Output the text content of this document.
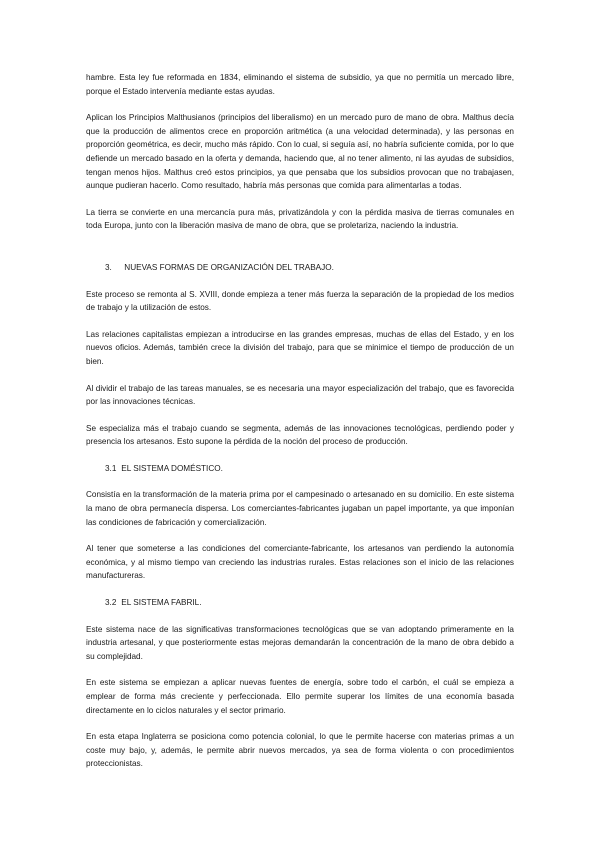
hambre. Esta ley fue reformada en 1834, eliminando el sistema de subsidio, ya que no permitía un mercado libre, porque el Estado intervenía mediante estas ayudas.

Aplican los Principios Malthusianos (principios del liberalismo) en un mercado puro de mano de obra. Malthus decía que la producción de alimentos crece en proporción aritmética (a una velocidad determinada), y las personas en proporción geométrica, es decir, mucho más rápido. Con lo cual, si seguía así, no habría suficiente comida, por lo que defiende un mercado basado en la oferta y demanda, haciendo que, al no tener alimento, ni las ayudas de subsidios, tengan menos hijos. Malthus creó estos principios, ya que pensaba que los subsidios provocan que no trabajasen, aunque pudieran hacerlo. Como resultado, habría más personas que comida para alimentarlas a todas.

La tierra se convierte en una mercancía pura más, privatizándola y con la pérdida masiva de tierras comunales en toda Europa, junto con la liberación masiva de mano de obra, que se proletariza, naciendo la industria.

3. NUEVAS FORMAS DE ORGANIZACIÓN DEL TRABAJO.

Este proceso se remonta al S. XVIII, donde empieza a tener más fuerza la separación de la propiedad de los medios de trabajo y la utilización de estos.

Las relaciones capitalistas empiezan a introducirse en las grandes empresas, muchas de ellas del Estado, y en los nuevos oficios. Además, también crece la división del trabajo, para que se minimice el tiempo de producción de un bien.

Al dividir el trabajo de las tareas manuales, se es necesaria una mayor especialización del trabajo, que es favorecida por las innovaciones técnicas.

Se especializa más el trabajo cuando se segmenta, además de las innovaciones tecnológicas, perdiendo poder y presencia los artesanos. Esto supone la pérdida de la noción del proceso de producción.

3.1 EL SISTEMA DOMÉSTICO.

Consistía en la transformación de la materia prima por el campesinado o artesanado en su domicilio. En este sistema la mano de obra permanecía dispersa. Los comerciantes-fabricantes jugaban un papel importante, ya que imponían las condiciones de fabricación y comercialización.

Al tener que someterse a las condiciones del comerciante-fabricante, los artesanos van perdiendo la autonomía económica, y al mismo tiempo van creciendo las industrias rurales. Estas relaciones son el inicio de las relaciones manufactureras.

3.2 EL SISTEMA FABRIL.

Este sistema nace de las significativas transformaciones tecnológicas que se van adoptando primeramente en la industria artesanal, y que posteriormente estas mejoras demandarán la concentración de la mano de obra debido a su complejidad.

En este sistema se empiezan a aplicar nuevas fuentes de energía, sobre todo el carbón, el cuál se empieza a emplear de forma más creciente y perfeccionada. Ello permite superar los límites de una economía basada directamente en lo ciclos naturales y el sector primario.

En esta etapa Inglaterra se posiciona como potencia colonial, lo que le permite hacerse con materias primas a un coste muy bajo, y, además, le permite abrir nuevos mercados, ya sea de forma violenta o con procedimientos proteccionistas.
